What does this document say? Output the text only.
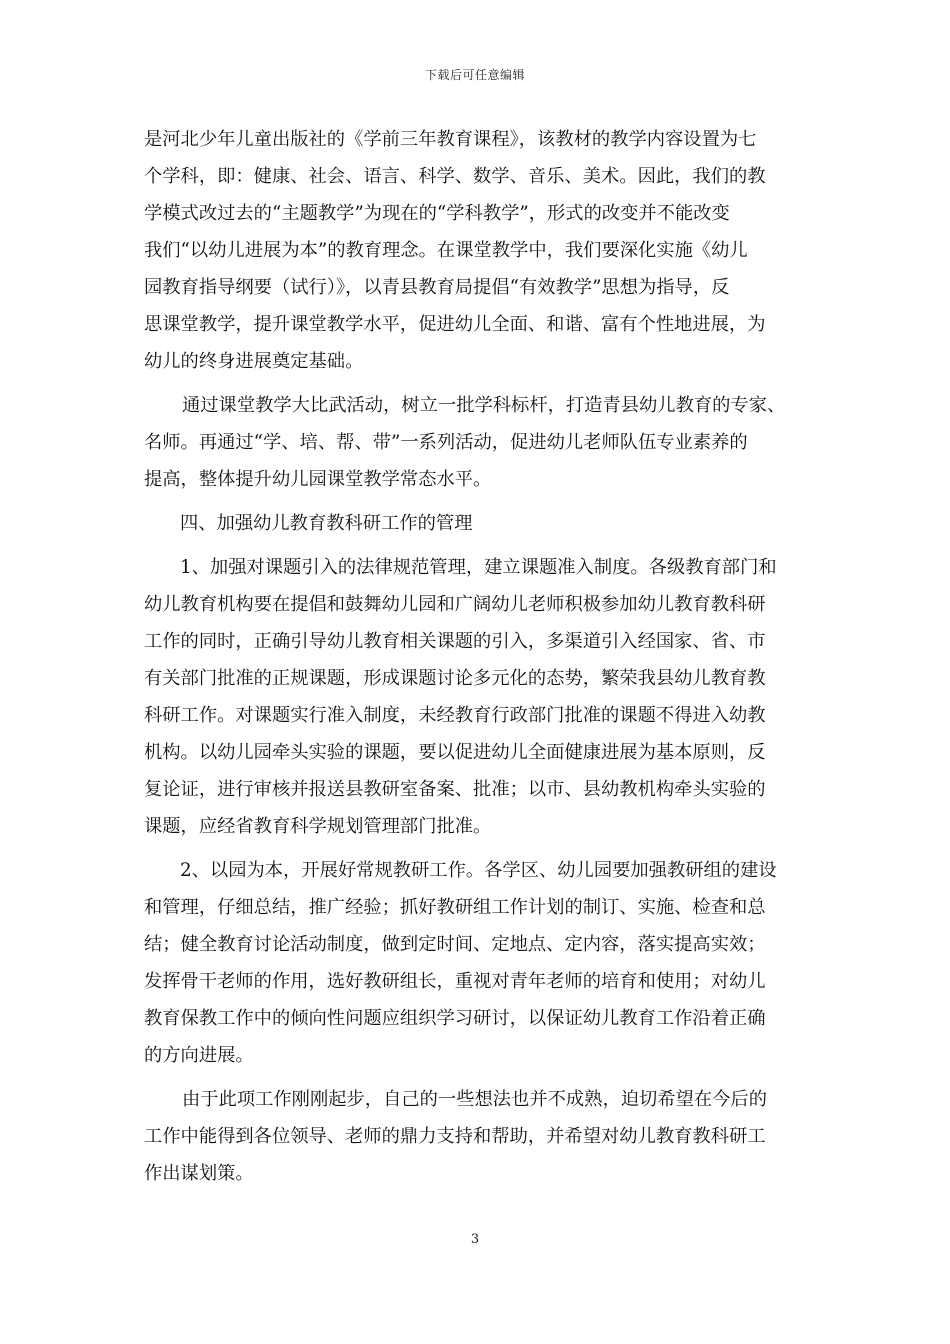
下载后可任意编辑
是河北少年儿童出版社的《学前三年教育课程》，该教材的教学内容设置为七
个学科，即：健康、社会、语言、科学、数学、音乐、美术。因此，我们的教
学模式改过去的“主题教学”为现在的“学科教学”，形式的改变并不能改变
我们“以幼儿进展为本”的教育理念。在课堂教学中，我们要深化实施《幼儿
园教育指导纲要（试行）》，以青县教育局提倡“有效教学”思想为指导，反
思课堂教学，提升课堂教学水平，促进幼儿全面、和谐、富有个性地进展，为
幼儿的终身进展奠定基础。
通过课堂教学大比武活动，树立一批学科标杆，打造青县幼儿教育的专家、
名师。再通过“学、培、帮、带”一系列活动，促进幼儿老师队伍专业素养的
提高，整体提升幼儿园课堂教学常态水平。
四、加强幼儿教育教科研工作的管理
1、加强对课题引入的法律规范管理，建立课题准入制度。各级教育部门和
幼儿教育机构要在提倡和鼓舞幼儿园和广阔幼儿老师积极参加幼儿教育教科研
工作的同时，正确引导幼儿教育相关课题的引入，多渠道引入经国家、省、市
有关部门批准的正规课题，形成课题讨论多元化的态势，繁荣我县幼儿教育教
科研工作。对课题实行准入制度，未经教育行政部门批准的课题不得进入幼教
机构。以幼儿园牵头实验的课题，要以促进幼儿全面健康进展为基本原则，反
复论证，进行审核并报送县教研室备案、批准；以市、县幼教机构牵头实验的
课题，应经省教育科学规划管理部门批准。
2、以园为本，开展好常规教研工作。各学区、幼儿园要加强教研组的建设
和管理，仔细总结，推广经验；抓好教研组工作计划的制订、实施、检查和总
结；健全教育讨论活动制度，做到定时间、定地点、定内容，落实提高实效；
发挥骨干老师的作用，选好教研组长，重视对青年老师的培育和使用；对幼儿
教育保教工作中的倾向性问题应组织学习研讨，以保证幼儿教育工作沿着正确
的方向进展。
由于此项工作刚刚起步，自己的一些想法也并不成熟，迫切希望在今后的
工作中能得到各位领导、老师的鼎力支持和帮助，并希望对幼儿教育教科研工
作出谋划策。
3
